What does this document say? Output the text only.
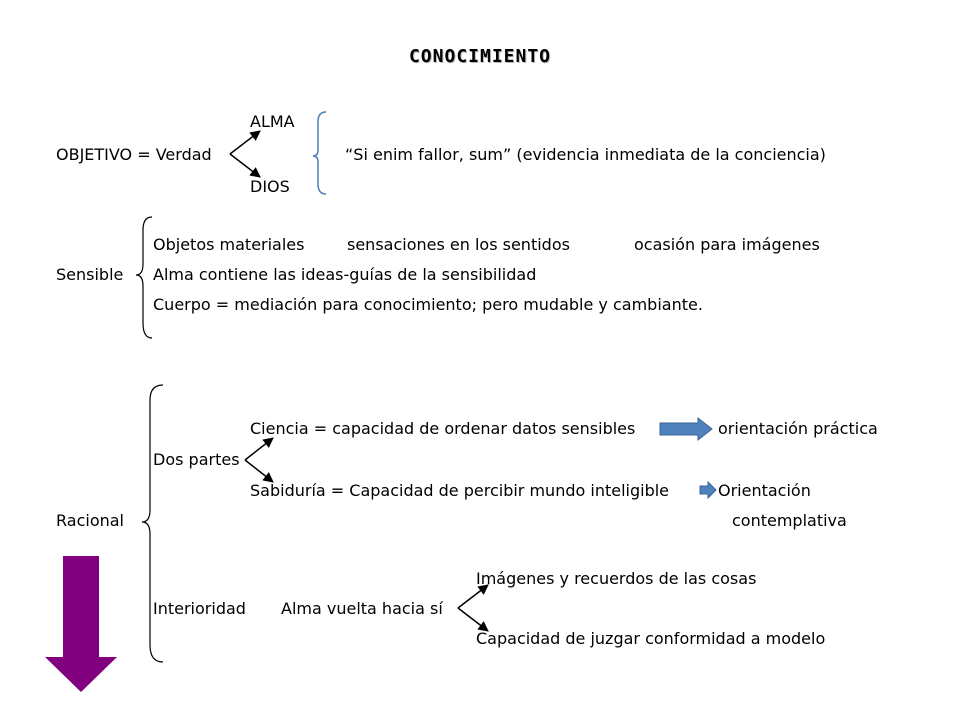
CONOCIMIENTO
ALMA
OBJETIVO = Verdad	“Si enim fallor, sum” (evidencia inmediata de la conciencia)
DIOS
Objetos materiales	sensaciones en los sentidos	ocasión para imágenes
Sensible Alma contiene las ideas-guías de la sensibilidad
Cuerpo = mediación para conocimiento; pero mudable y cambiante.
Ciencia = capacidad de ordenar datos sensibles	orientación práctica
Dos partes
Sabiduría = Capacidad de percibir mundo inteligible	Orientación
Racional	contemplativa
Imágenes y recuerdos de las cosas
Interioridad Alma vuelta hacia sí
Capacidad de juzgar conformidad a modelo
